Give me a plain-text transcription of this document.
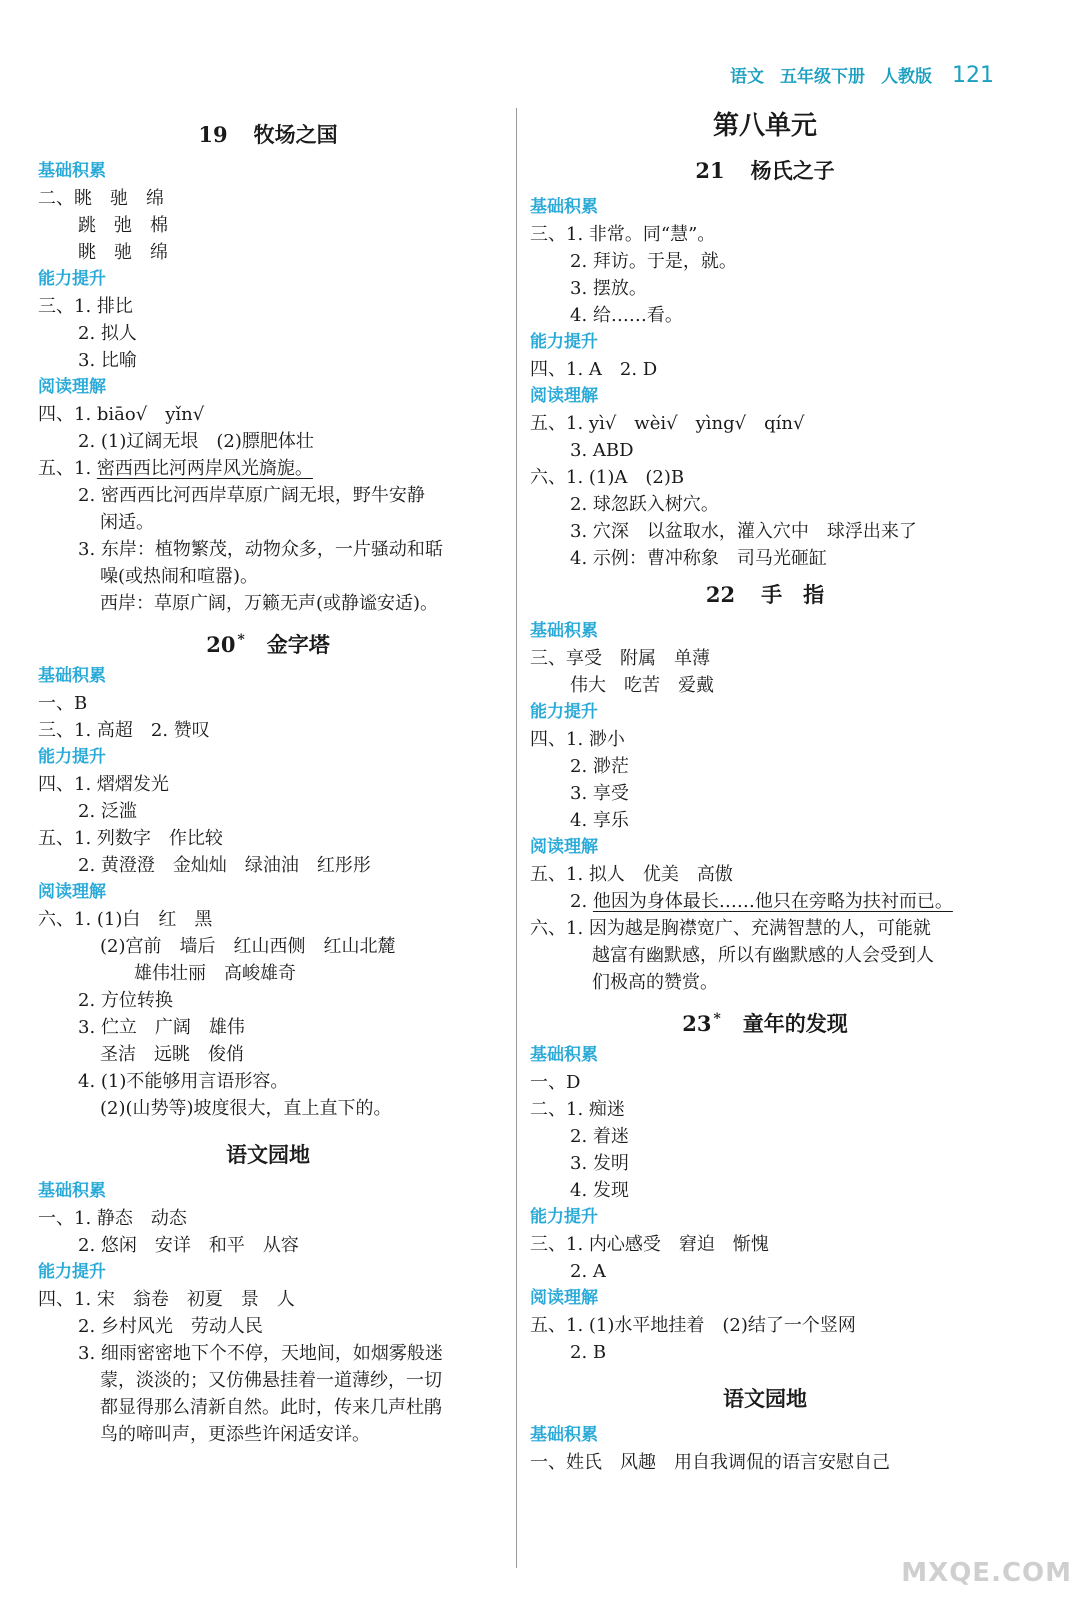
语文 五年级下册 人教版 121
19 牧场之国
基础积累
二、眺　驰　绵
跳　弛　棉
眺　驰　绵
能力提升
三、1. 排比
2. 拟人
3. 比喻
阅读理解
四、1. biāo√　yǐn√
2. (1)辽阔无垠　(2)膘肥体壮
五、1. 密西西比河两岸风光旖旎。
2. 密西西比河西岸草原广阔无垠，野牛安静
闲适。
3. 东岸：植物繁茂，动物众多，一片骚动和聒
噪(或热闹和喧嚣)。
西岸：草原广阔，万籁无声(或静谧安适)。
20 * 金字塔
基础积累
一、B
三、1. 高超　2. 赞叹
能力提升
四、1. 熠熠发光
2. 泛滥
五、1. 列数字　作比较
2. 黄澄澄　金灿灿　绿油油　红彤彤
阅读理解
六、1. (1)白　红　黑
(2)宫前　墙后　红山西侧　红山北麓
雄伟壮丽　高峻雄奇
2. 方位转换
3. 伫立　广阔　雄伟
圣洁　远眺　俊俏
4. (1)不能够用言语形容。
(2)(山势等)坡度很大，直上直下的。
语文园地
基础积累
一、1. 静态　动态
2. 悠闲　安详　和平　从容
能力提升
四、1. 宋　翁卷　初夏　景　人
2. 乡村风光　劳动人民
3. 细雨密密地下个不停，天地间，如烟雾般迷
蒙，淡淡的；又仿佛悬挂着一道薄纱，一切
都显得那么清新自然。此时，传来几声杜鹃
鸟的啼叫声，更添些许闲适安详。
第八单元
21 杨氏之子
基础积累
三、1. 非常。同“慧”。
2. 拜访。于是，就。
3. 摆放。
4. 给……看。
能力提升
四、1. A　2. D
阅读理解
五、1. yì√　wèi√　yìng√　qín√
3. ABD
六、1. (1)A　(2)B
2. 球忽跃入树穴。
3. 穴深　以盆取水，灌入穴中　球浮出来了
4. 示例：曹冲称象　司马光砸缸
22 手　指
基础积累
三、享受　附属　单薄
伟大　吃苦　爱戴
能力提升
四、1. 渺小
2. 渺茫
3. 享受
4. 享乐
阅读理解
五、1. 拟人　优美　高傲
2. 他因为身体最长……他只在旁略为扶衬而已。
六、1. 因为越是胸襟宽广、充满智慧的人，可能就
越富有幽默感，所以有幽默感的人会受到人
们极高的赞赏。
23 * 童年的发现
基础积累
一、D
二、1. 痴迷
2. 着迷
3. 发明
4. 发现
能力提升
三、1. 内心感受　窘迫　惭愧
2. A
阅读理解
五、1. (1)水平地挂着　(2)结了一个竖网
2. B
语文园地
基础积累
一、姓氏　风趣　用自我调侃的语言安慰自己
MXQE.COM
